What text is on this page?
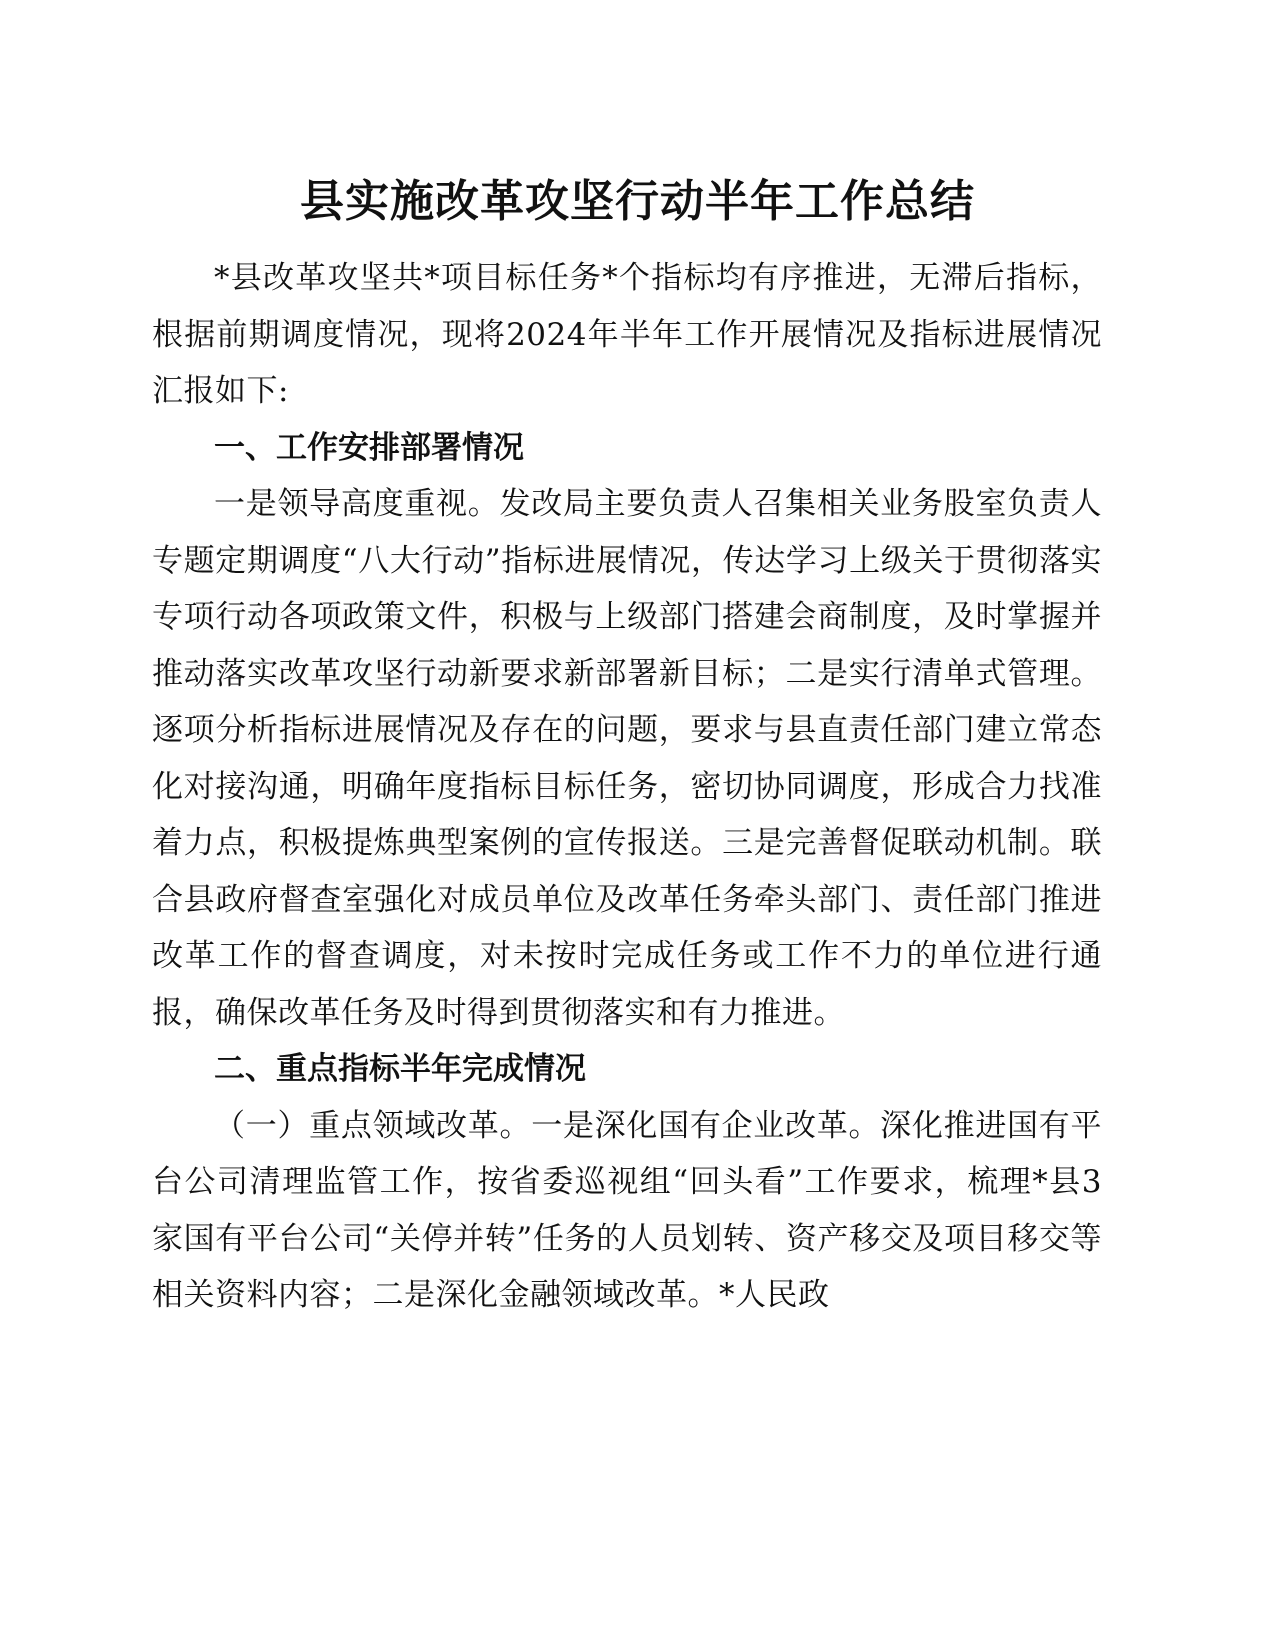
县实施改革攻坚行动半年工作总结

*县改革攻坚共*项目标任务*个指标均有序推进，无滞后指标，根据前期调度情况，现将2024年半年工作开展情况及指标进展情况汇报如下:

一、工作安排部署情况

一是领导高度重视。发改局主要负责人召集相关业务股室负责人专题定期调度“八大行动”指标进展情况，传达学习上级关于贯彻落实专项行动各项政策文件，积极与上级部门搭建会商制度，及时掌握并推动落实改革攻坚行动新要求新部署新目标；二是实行清单式管理。逐项分析指标进展情况及存在的问题，要求与县直责任部门建立常态化对接沟通，明确年度指标目标任务，密切协同调度，形成合力找准着力点，积极提炼典型案例的宣传报送。三是完善督促联动机制。联合县政府督查室强化对成员单位及改革任务牵头部门、责任部门推进改革工作的督查调度，对未按时完成任务或工作不力的单位进行通报，确保改革任务及时得到贯彻落实和有力推进。

二、重点指标半年完成情况

（一）重点领域改革。一是深化国有企业改革。深化推进国有平台公司清理监管工作，按省委巡视组“回头看”工作要求，梳理*县3家国有平台公司“关停并转”任务的人员划转、资产移交及项目移交等相关资料内容；二是深化金融领域改革。*人民政
